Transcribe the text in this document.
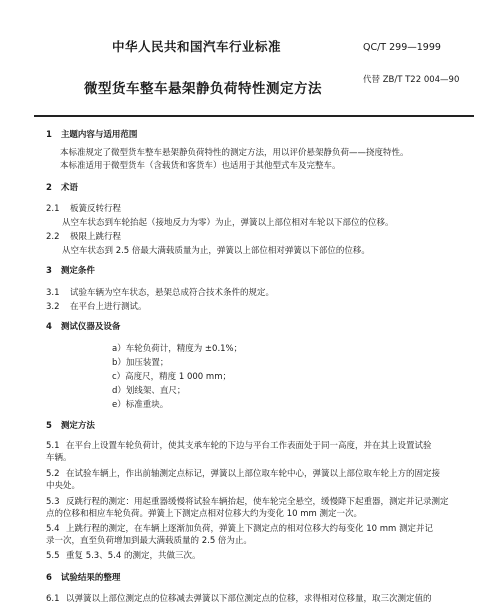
中华人民共和国汽车行业标准	QC/T 299—1999
微型货车整车悬架静负荷特性测定方法
代替 ZB/T T22 004—90
1 主题内容与适用范围
本标准规定了微型货车整车悬架静负荷特性的测定方法，用以评价悬架静负荷——挠度特性。
本标准适用于微型货车（含载货和客货车）也适用于其他型式车及完整车。
2 术语
2.1 板簧反转行程
从空车状态到车轮抬起（接地反力为零）为止，弹簧以上部位相对车轮以下部位的位移。
2.2 极限上跳行程
从空车状态到 2.5 倍最大满载质量为止，弹簧以上部位相对弹簧以下部位的位移。
3 测定条件
3.1 试验车辆为空车状态，悬架总成符合技术条件的规定。
3.2 在平台上进行测试。
4 测试仪器及设备
a）车轮负荷计，精度为 ±0.1%；
b）加压装置；
c）高度尺，精度 1 000 mm；
d）划线架、直尺；
e）标准重块。
5 测定方法
5.1 在平台上设置车轮负荷计，使其支承车轮的下边与平台工作表面处于同一高度，并在其上设置试验
车辆。
5.2 在试验车辆上，作出前轴测定点标记，弹簧以上部位取车轮中心，弹簧以上部位取车轮上方的固定接
中央处。
5.3 反跳行程的测定：用起重器缓慢将试验车辆抬起，使车轮完全悬空，缓慢降下起重器，测定并记录测定
点的位移和相应车轮负荷。弹簧上下测定点相对位移大约为变化 10 mm 测定一次。
5.4 上跳行程的测定，在车辆上逐渐加负荷，弹簧上下测定点的相对位移大约每变化 10 mm 测定并记
录一次，直至负荷增加到最大满载质量的 2.5 倍为止。
5.5 重复 5.3、5.4 的测定，共做三次。
6 试验结果的整理
6.1 以弹簧以上部位测定点的位移减去弹簧以下部位测定点的位移，求得相对位移量，取三次测定值的
